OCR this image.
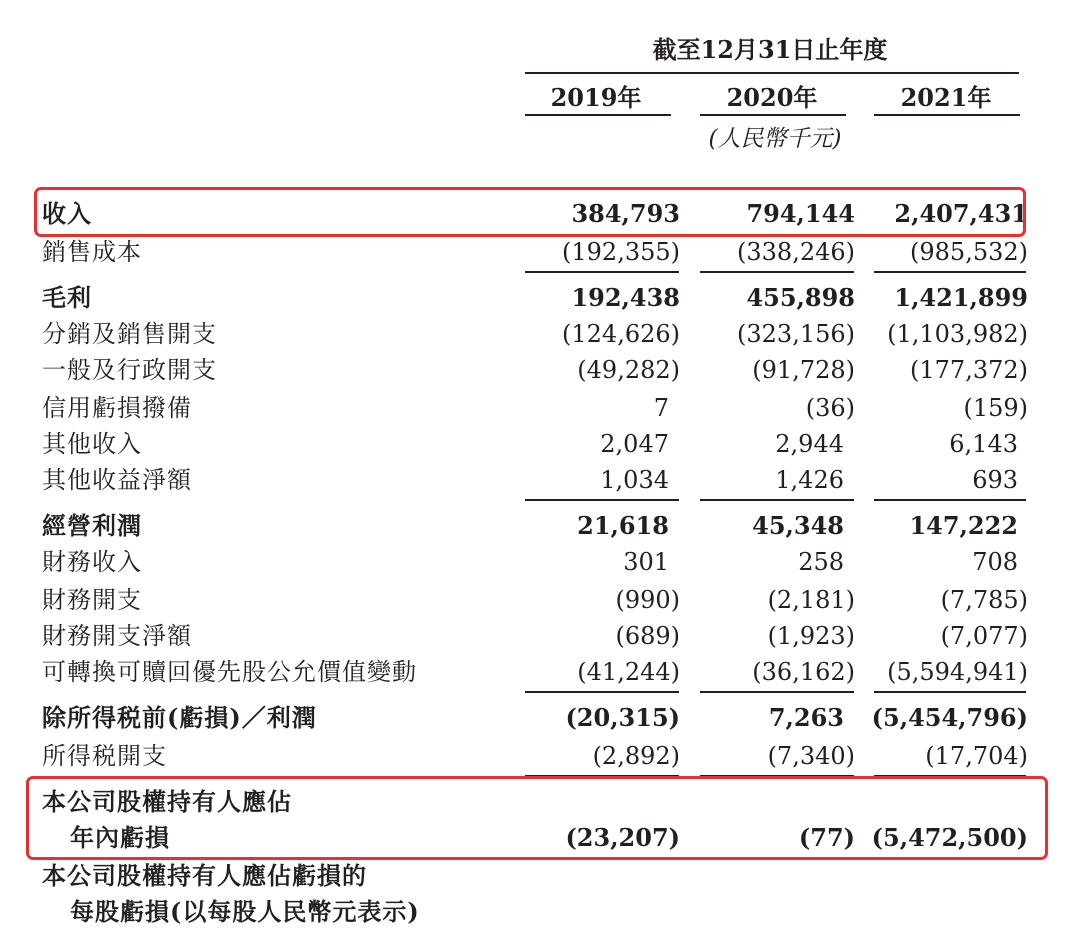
截至12月31日止年度
2019年	2020年	2021年
(人民幣千元)
收入	384,793	794,144 2,407,431
銷售成本	(192,355) (338,246) (985,532)
毛利	192,438	455,898 1,421,899
分銷及銷售開支	(124,626) (323,156) (1,103,982)
一般及行政開支	(49,282)	(91,728) (177,372)
信用虧損撥備	7	(36)	(159)
其他收入	2,047	2,944	6,143
其他收益淨額	1,034	1,426	693
經營利潤	21,618	45,348	147,222
財務收入	301	258	708
財務開支	(990)	(2,181)	(7,785)
財務開支淨額	(689)	(1,923)	(7,077)
可轉換可贖回優先股公允價值變動	(41,244)	(36,162) (5,594,941)
除所得税前(虧損)／利潤	(20,315)	7,263 (5,454,796)
所得税開支	(2,892)	(7,340)	(17,704)
本公司股權持有人應佔
年內虧損	(23,207)	(77) (5,472,500)
本公司股權持有人應佔虧損的
每股虧損(以每股人民幣元表示)
